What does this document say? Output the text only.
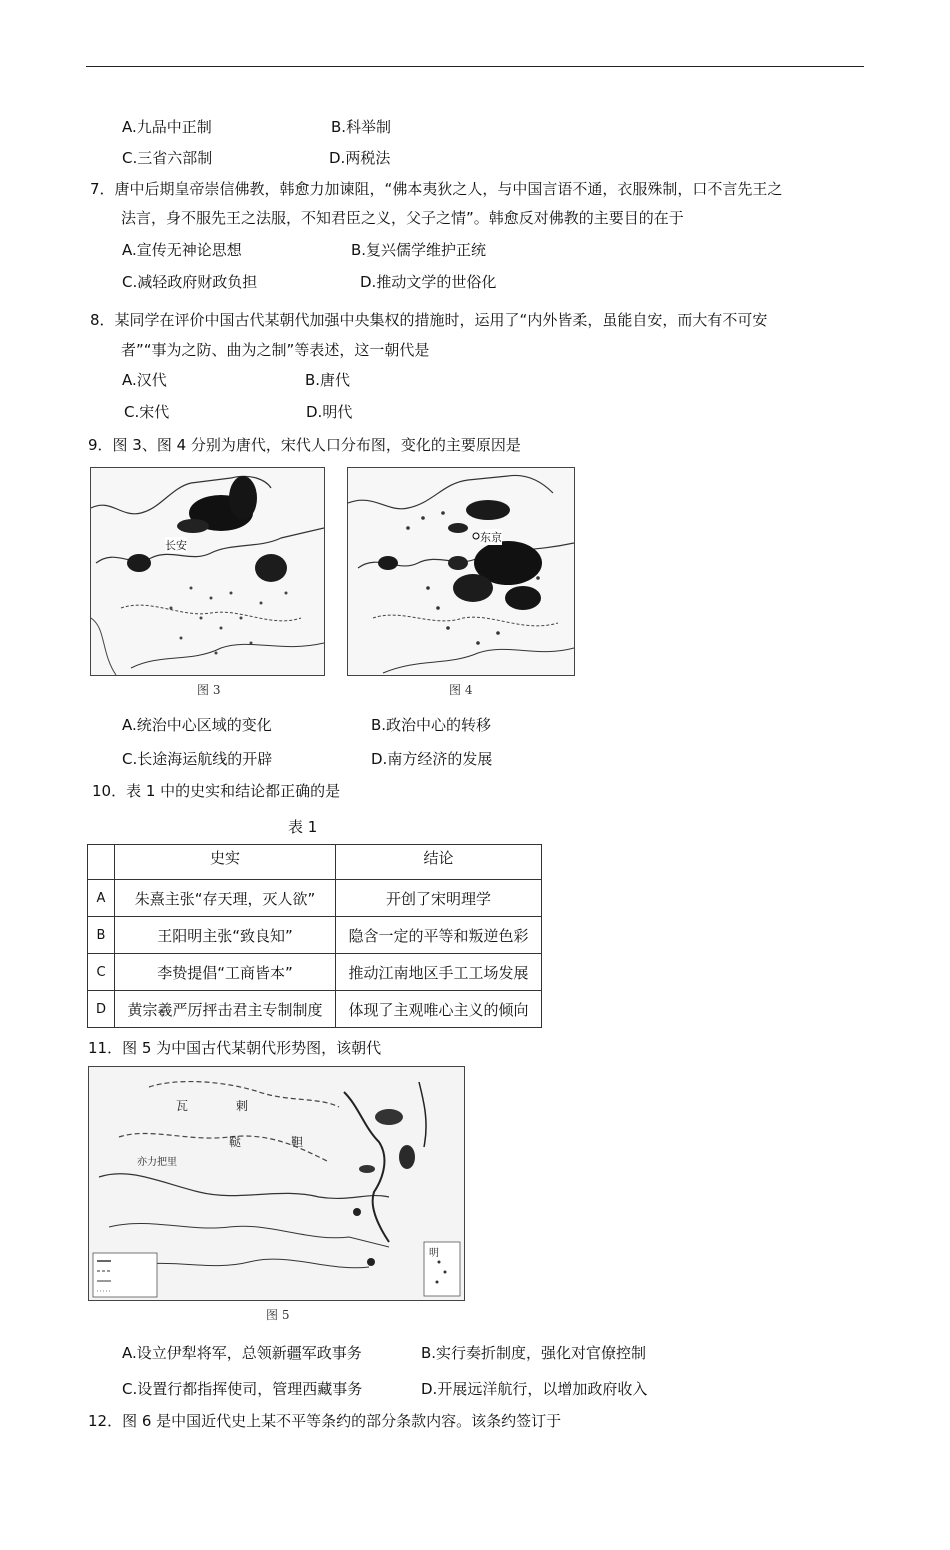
A.九品中正制	B.科举制
C.三省六部制	D.两税法
7．唐中后期皇帝崇信佛教，韩愈力加谏阻，“佛本夷狄之人，与中国言语不通，衣服殊制，口不言先王之
法言，身不服先王之法服，不知君臣之义，父子之情”。韩愈反对佛教的主要目的在于
A.宣传无神论思想	B.复兴儒学维护正统
C.减轻政府财政负担	D.推动文学的世俗化
8．某同学在评价中国古代某朝代加强中央集权的措施时，运用了“内外皆柔，虽能自安，而大有不可安
者”“事为之防、曲为之制”等表述，这一朝代是
A.汉代	B.唐代
C.宋代	D.明代
9．图 3、图 4 分别为唐代，宋代人口分布图，变化的主要原因是
长安
图 3
东京
图 4
A.统治中心区域的变化	B.政治中心的转移
C.长途海运航线的开辟	D.南方经济的发展
10．表 1 中的史实和结论都正确的是
表 1
	史实	结论
A	朱熹主张“存天理，灭人欲”	开创了宋明理学
B	王阳明主张“致良知”	隐含一定的平等和叛逆色彩
C	李贽提倡“工商皆本”	推动江南地区手工工场发展
D	黄宗羲严厉抨击君主专制制度	体现了主观唯心主义的倾向
11．图 5 为中国古代某朝代形势图，该朝代
瓦	剌
鞑	靼
亦力把里
明
图 5
A.设立伊犁将军，总领新疆军政事务	B.实行奏折制度，强化对官僚控制
C.设置行都指挥使司，管理西藏事务	D.开展远洋航行，以增加政府收入
12．图 6 是中国近代史上某不平等条约的部分条款内容。该条约签订于
